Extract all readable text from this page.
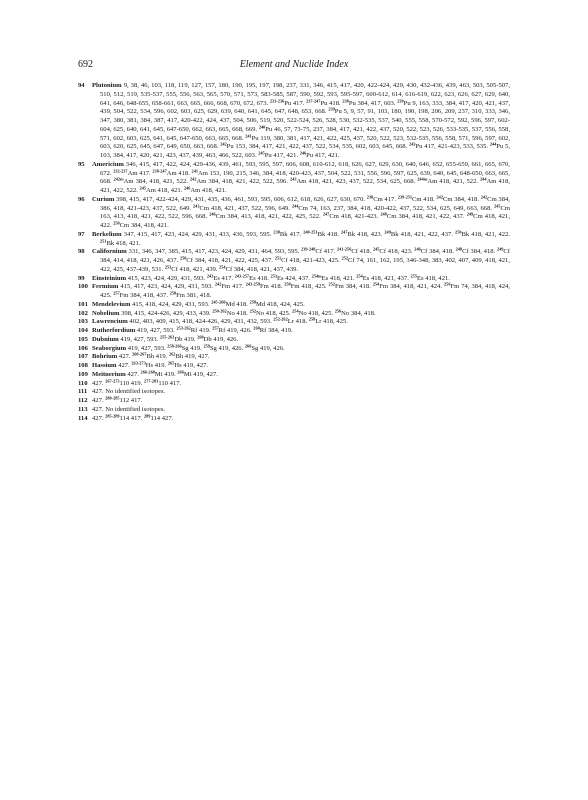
692	Element and Nuclide Index

94 Plutonium 9, 38, 46, 103, 118, 119, 127, 157, 180, 190, 195, 197, 198, 237, 331, 346, 415, 417, 420, 422-424, 429, 430, 432-436, 439, 463, 503, 505-507, 510, 512, 519, 535-537, 555, 556, 563, 565, 570, 571, 573, 583-585, 587, 590, 592, 593, 595-597, 600-612, 614, 616-619, 622, 623, 626, 627, 629, 640, 641, 646, 648-655, 658-661, 663, 665, 666, 668, 670, 672, 673. $^{231-236}$Pu 417. $^{237-247}$Pu 418. $^{238}$Pu 384, 417, 603. $^{239}$Pu 9, 163, 333, 384, 417, 420, 421, 437, 439, 504, 522, 534, 596, 602, 603, 625, 629, 639, 640, 641, 645, 647, 648, 653, 668. $^{239}$Pu 5, 9, 57, 91, 103, 180, 190, 198, 206, 209, 237, 310, 333, 346, 347, 380, 381, 384, 387, 417, 420-422, 424, 437, 504, 506, 519, 520, 522-524, 526, 528, 530, 532-535, 537, 540, 555, 558, 570-572, 592, 596, 597, 602-604, 625, 640, 641, 645, 647-650, 662, 663, 665, 668, 669. $^{240}$Pu 46, 57, 73-75, 237, 384, 417, 421, 422, 437, 520, 522, 523, 526, 533-535, 537, 556, 558, 571, 602, 603, 625, 641, 645, 647-650, 663, 665, 668. $^{241}$Pu 119, 380, 381, 417, 421, 422, 425, 437, 520, 522, 523, 532-535, 556, 558, 571, 596, 597, 602, 603, 620, 625, 645, 647, 649, 650, 663, 668. $^{242}$Pu 153, 384, 417, 421, 422, 437, 522, 534, 535, 602, 603, 645, 668. $^{243}$Pu 417, 421-423, 533, 535. $^{244}$Pu 5, 103, 384, 417, 420, 421, 423, 437, 439, 463, 466, 522, 603. $^{245}$Pu 417, 421. $^{246}$Pu 417, 421.

95 Americium 346, 415, 417, 422, 424, 429-436, 439, 461, 593, 595, 597, 606, 608, 610-612, 618, 626, 627, 629, 630, 640, 646, 652, 655-659, 661, 665, 670, 672. $^{232-237}$Am 417. $^{238-247}$Am 418. $^{241}$Am 153, 190, 215, 346, 384, 418, 420-423, 437, 504, 522, 531, 556, 596, 597, 625, 639, 640, 645, 648-650, 663, 665, 668. $^{242m}$Am 384, 418, 421, 522. $^{242}$Am 384, 418, 421, 422, 522, 596. $^{243}$Am 418, 421, 423, 437, 522, 534, 625, 668. $^{244m}$Am 418, 421, 522. $^{244}$Am 418, 421, 422, 522. $^{245}$Am 418, 421. $^{246}$Am 418, 421.

96 Curium 398, 415, 417, 422-424, 429, 431, 435, 436, 461, 593, 595, 606, 612, 618, 626, 627, 630, 670. $^{238}$Cm 417. $^{239-251}$Cm 418. $^{242}$Cm 384, 418. $^{242}$Cm 384, 386, 418, 421-423, 437, 522, 649. $^{243}$Cm 418, 421, 437, 522, 596, 649. $^{244}$Cm 74, 163, 237, 384, 418, 420-422, 437, 522, 534, 625, 649, 663, 668. $^{245}$Cm 163, 413, 418, 421, 422, 522, 596, 668. $^{246}$Cm 384, 413, 418, 421, 422, 425, 522. $^{247}$Cm 418, 421-423. $^{248}$Cm 384, 418, 421, 422, 437. $^{249}$Cm 418, 421, 422. $^{250}$Cm 384, 418, 421.

97 Berkelium 347, 415, 417, 423, 424, 429, 431, 433, 436, 593, 595. $^{238}$Bk 417. $^{240-251}$Bk 418. $^{247}$Bk 418, 423. $^{249}$Bk 418, 421, 422, 437. $^{250}$Bk 418, 421, 422. $^{251}$Bk 418, 421.

98 Californium 331, 346, 347, 385, 415, 417, 423, 424, 429, 431, 464, 593, 595. $^{239-248}$Cf 417. $^{241-256}$Cf 418. $^{245}$Cf 418, 423. $^{246}$Cf 384, 418. $^{248}$Cf 384, 418. $^{249}$Cf 384, 414, 418, 421, 426, 437. $^{250}$Cf 384, 418, 421, 422, 425, 437. $^{251}$Cf 418, 421-423, 425. $^{252}$Cf 74, 161, 162, 195, 346-348, 383, 402, 407, 409, 418, 421, 422, 425, 437-439, 531. $^{253}$Cf 418, 421, 439. $^{254}$Cf 384, 418, 421, 437, 439.

99 Einsteinium 415, 423, 424, 429, 431, 593. $^{243}$Es 417. $^{243-257}$Es 418. $^{253}$Es 424, 437. $^{254m}$Es 418, 421. $^{254}$Es 418, 421, 437. $^{255}$Es 418, 421.

100 Fermium 415, 417, 423, 424, 429, 431, 593. $^{242}$Fm 417. $^{243-259}$Fm 418. $^{250}$Fm 418, 425. $^{252}$Fm 384, 418. $^{254}$Fm 384, 418, 421, 424. $^{256}$Fm 74, 384, 418, 424, 425. $^{257}$Fm 384, 418, 437. $^{258}$Fm 381, 418.

101 Mendelevium 415, 418, 424, 429, 431, 593. $^{245-260}$Md 418. $^{258}$Md 418, 424, 425.

102 Nobelium 398, 415, 424-426, 429, 433, 439. $^{250-262}$No 418. $^{252}$No 418, 425. $^{254}$No 418, 425. $^{256}$No 384, 418.

103 Lawrencium 402, 403, 409, 415, 418, 424-426, 429, 431, 432, 593. $^{252-262}$Lr 418. $^{258}$Lr 418, 425.

104 Rutherfordium 419, 427, 593. $^{253-262}$Rf 419. $^{257}$Rf 419, 426. $^{260}$Rf 384, 419.

105 Dubnium 419, 427, 593. $^{255-263}$Db 419. $^{260}$Db 419, 426.

106 Seaborgium 419, 427, 593. $^{258-266}$Sg 419. $^{259}$Sg 419, 426. $^{260}$Sg 419, 426.

107 Bohrium 427. $^{260-267}$Bh 419. $^{262}$Bh 419, 427.

108 Hassium 427. $^{263-273}$Hs 419. $^{265}$Hs 419, 427.

109 Meitnerium 427. $^{266-268}$Mt 419. $^{266}$Mt 419, 427.

110 427. $^{267-273}$110 419. $^{277-283}$110 417.

111 427. No identified isotopes.

112 427. $^{280-285}$112 417.

113 427. No identified isotopes.

114 427. $^{285-289}$114 417. $^{289}$114 427.
